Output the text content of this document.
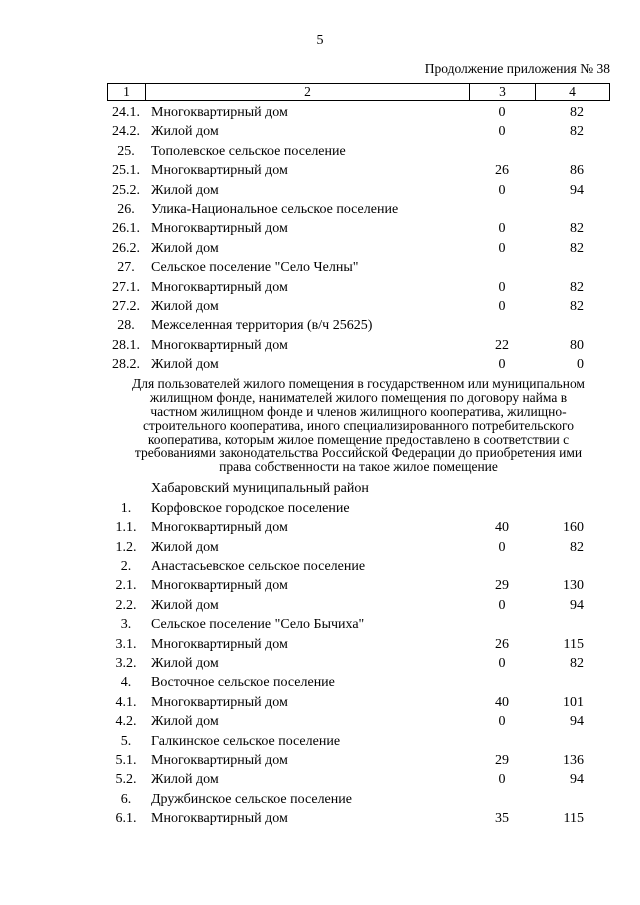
5
Продолжение приложения № 38
1	2	3	4
24.1. Многоквартирный дом	0	82
24.2. Жилой дом	0	82
25.	Тополевское сельское поселение
25.1. Многоквартирный дом	26	86
25.2. Жилой дом	0	94
26.	Улика-Национальное сельское поселение
26.1. Многоквартирный дом	0	82
26.2. Жилой дом	0	82
27.	Сельское поселение "Село Челны"
27.1. Многоквартирный дом	0	82
27.2. Жилой дом	0	82
28.	Межселенная территория (в/ч 25625)
28.1. Многоквартирный дом	22	80
28.2. Жилой дом	0	0
Для пользователей жилого помещения в государственном или муниципальном жилищном фонде, нанимателей жилого помещения по договору найма в частном жилищном фонде и членов жилищного кооператива, жилищно-строительного кооператива, иного специализированного потребительского кооператива, которым жилое помещение предоставлено в соответствии с требованиями законодательства Российской Федерации до приобретения ими права собственности на такое жилое помещение
Хабаровский муниципальный район
1.	Корфовское городское поселение
1.1.	Многоквартирный дом	40	160
1.2.	Жилой дом	0	82
2.	Анастасьевское сельское поселение
2.1.	Многоквартирный дом	29	130
2.2.	Жилой дом	0	94
3.	Сельское поселение "Село Бычиха"
3.1.	Многоквартирный дом	26	115
3.2.	Жилой дом	0	82
4.	Восточное сельское поселение
4.1.	Многоквартирный дом	40	101
4.2.	Жилой дом	0	94
5.	Галкинское сельское поселение
5.1.	Многоквартирный дом	29	136
5.2.	Жилой дом	0	94
6.	Дружбинское сельское поселение
6.1.	Многоквартирный дом	35	115
